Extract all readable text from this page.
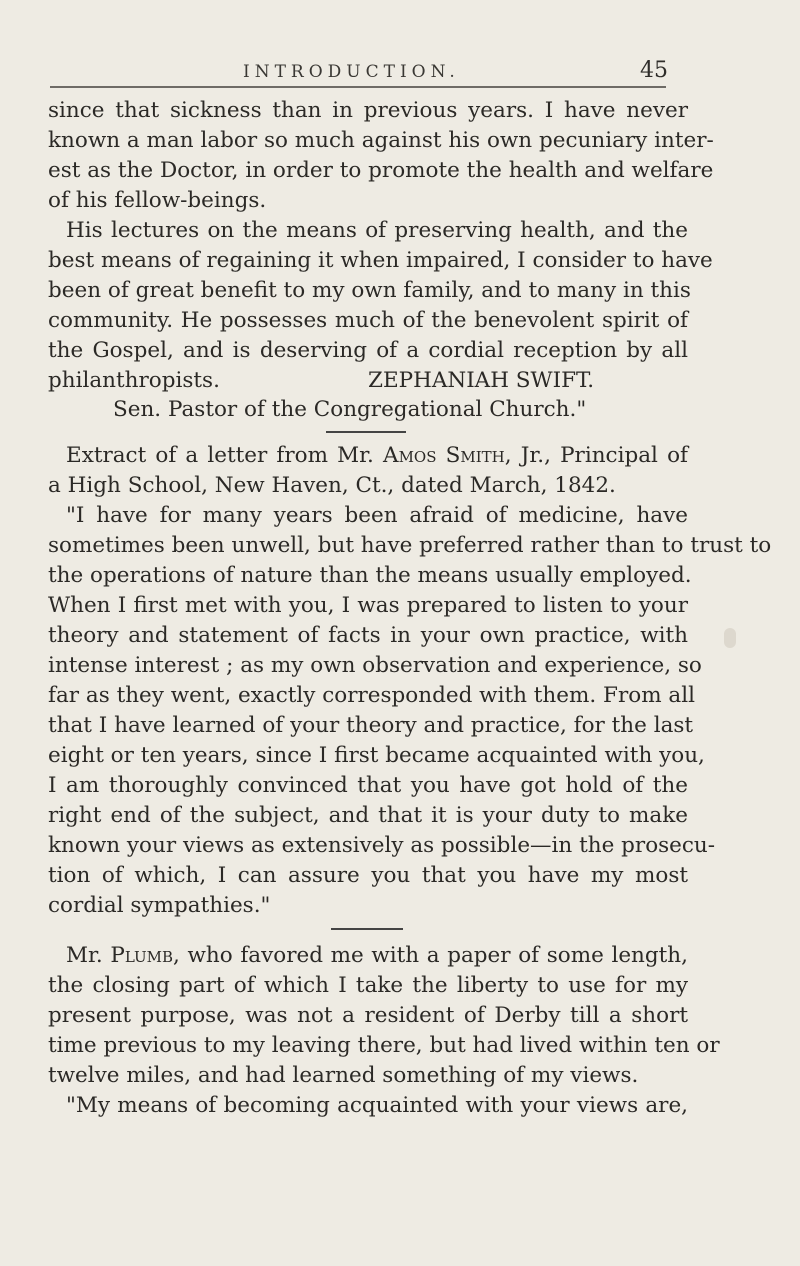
INTRODUCTION.	45
since that sickness than in previous years. I have never
known a man labor so much against his own pecuniary inter-
est as the Doctor, in order to promote the health and welfare
of his fellow-beings.
His lectures on the means of preserving health, and the
best means of regaining it when impaired, I consider to have
been of great benefit to my own family, and to many in this
community. He possesses much of the benevolent spirit of
the Gospel, and is deserving of a cordial reception by all
philanthropists.	ZEPHANIAH SWIFT.
Sen. Pastor of the Congregational Church."
Extract of a letter from Mr. Amos Smith, Jr., Principal of
a High School, New Haven, Ct., dated March, 1842.
"I have for many years been afraid of medicine, have
sometimes been unwell, but have preferred rather than to trust to
the operations of nature than the means usually employed.
When I first met with you, I was prepared to listen to your
theory and statement of facts in your own practice, with
intense interest ; as my own observation and experience, so
far as they went, exactly corresponded with them. From all
that I have learned of your theory and practice, for the last
eight or ten years, since I first became acquainted with you,
I am thoroughly convinced that you have got hold of the
right end of the subject, and that it is your duty to make
known your views as extensively as possible—in the prosecu-
tion of which, I can assure you that you have my most
cordial sympathies."
Mr. Plumb, who favored me with a paper of some length,
the closing part of which I take the liberty to use for my
present purpose, was not a resident of Derby till a short
time previous to my leaving there, but had lived within ten or
twelve miles, and had learned something of my views.
"My means of becoming acquainted with your views are,
